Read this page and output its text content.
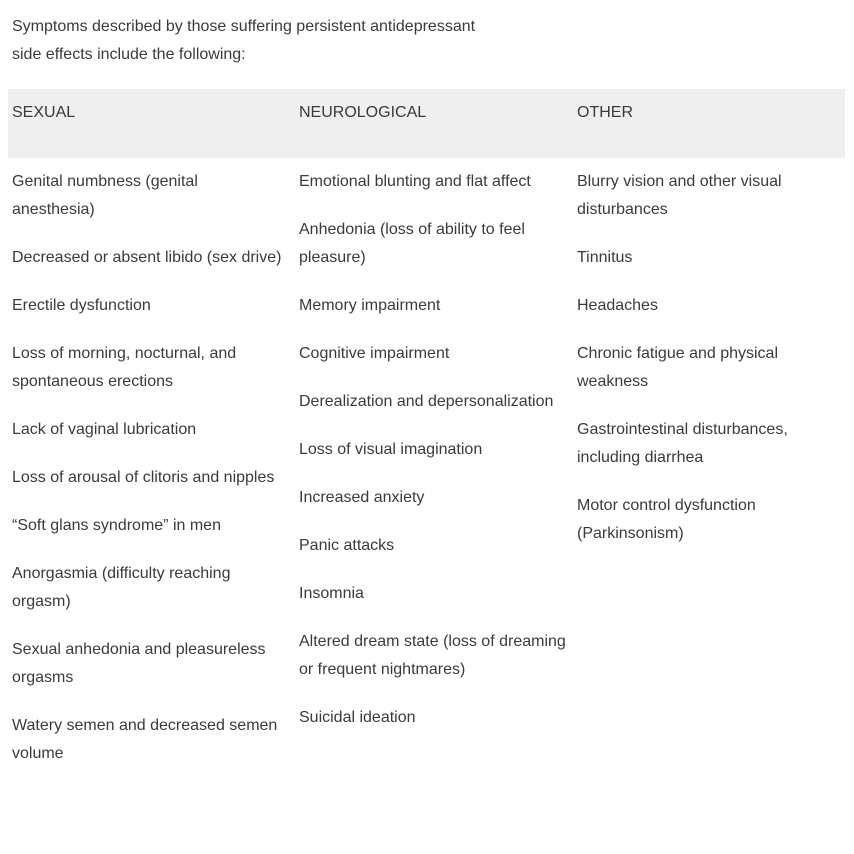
Symptoms described by those suffering persistent antidepressant
side effects include the following:

SEXUAL	NEUROLOGICAL	OTHER
Genital numbness (genital anesthesia)
Decreased or absent libido (sex drive)
Erectile dysfunction
Loss of morning, nocturnal, and spontaneous erections
Lack of vaginal lubrication
Loss of arousal of clitoris and nipples
“Soft glans syndrome” in men
Anorgasmia (difficulty reaching orgasm)
Sexual anhedonia and pleasureless orgasms
Watery semen and decreased semen volume
Emotional blunting and flat affect
Anhedonia (loss of ability to feel pleasure)
Memory impairment
Cognitive impairment
Derealization and depersonalization
Loss of visual imagination
Increased anxiety
Panic attacks
Insomnia
Altered dream state (loss of dreaming or frequent nightmares)
Suicidal ideation
Blurry vision and other visual disturbances
Tinnitus
Headaches
Chronic fatigue and physical weakness
Gastrointestinal disturbances, including diarrhea
Motor control dysfunction (Parkinsonism)
